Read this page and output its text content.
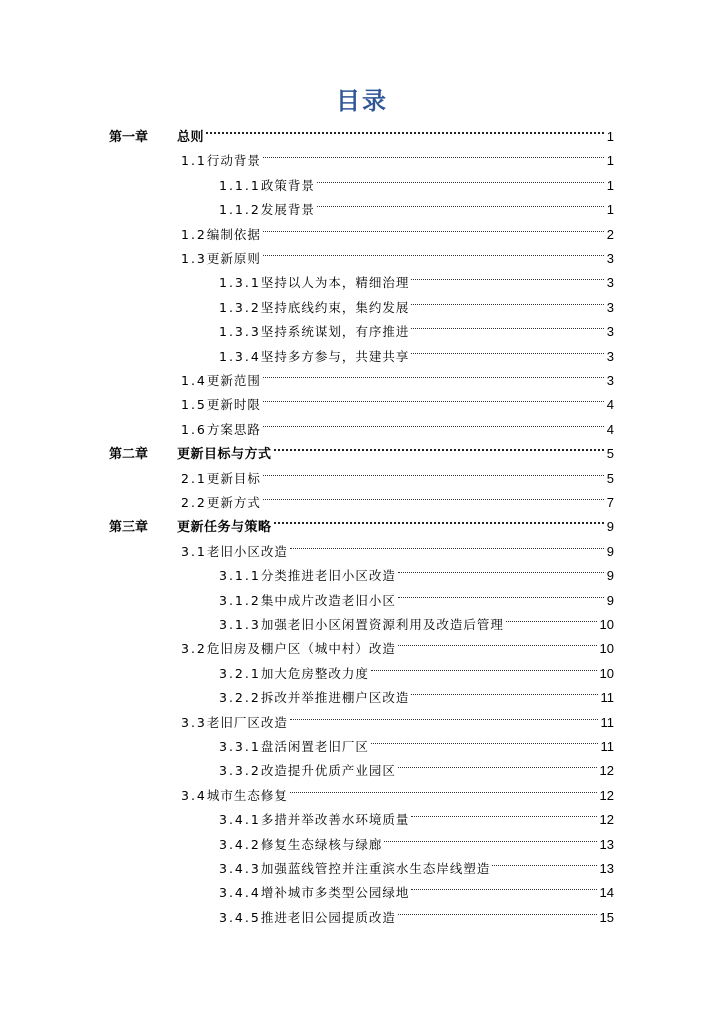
目录
第一章	总则	1
1.1 行动背景	1
1.1.1 政策背景	1
1.1.2 发展背景	1
1.2 编制依据	2
1.3 更新原则	3
1.3.1 坚持以人为本，精细治理	3
1.3.2 坚持底线约束，集约发展	3
1.3.3 坚持系统谋划，有序推进	3
1.3.4 坚持多方参与，共建共享	3
1.4 更新范围	3
1.5 更新时限	4
1.6 方案思路	4
第二章	更新目标与方式	5
2.1 更新目标	5
2.2 更新方式	7
第三章	更新任务与策略	9
3.1 老旧小区改造	9
3.1.1 分类推进老旧小区改造	9
3.1.2 集中成片改造老旧小区	9
3.1.3 加强老旧小区闲置资源利用及改造后管理	10
3.2 危旧房及棚户区（城中村）改造	10
3.2.1 加大危房整改力度	10
3.2.2 拆改并举推进棚户区改造	11
3.3 老旧厂区改造	11
3.3.1 盘活闲置老旧厂区	11
3.3.2 改造提升优质产业园区	12
3.4 城市生态修复	12
3.4.1 多措并举改善水环境质量	12
3.4.2 修复生态绿核与绿廊	13
3.4.3 加强蓝线管控并注重滨水生态岸线塑造	13
3.4.4 增补城市多类型公园绿地	14
3.4.5 推进老旧公园提质改造	15
